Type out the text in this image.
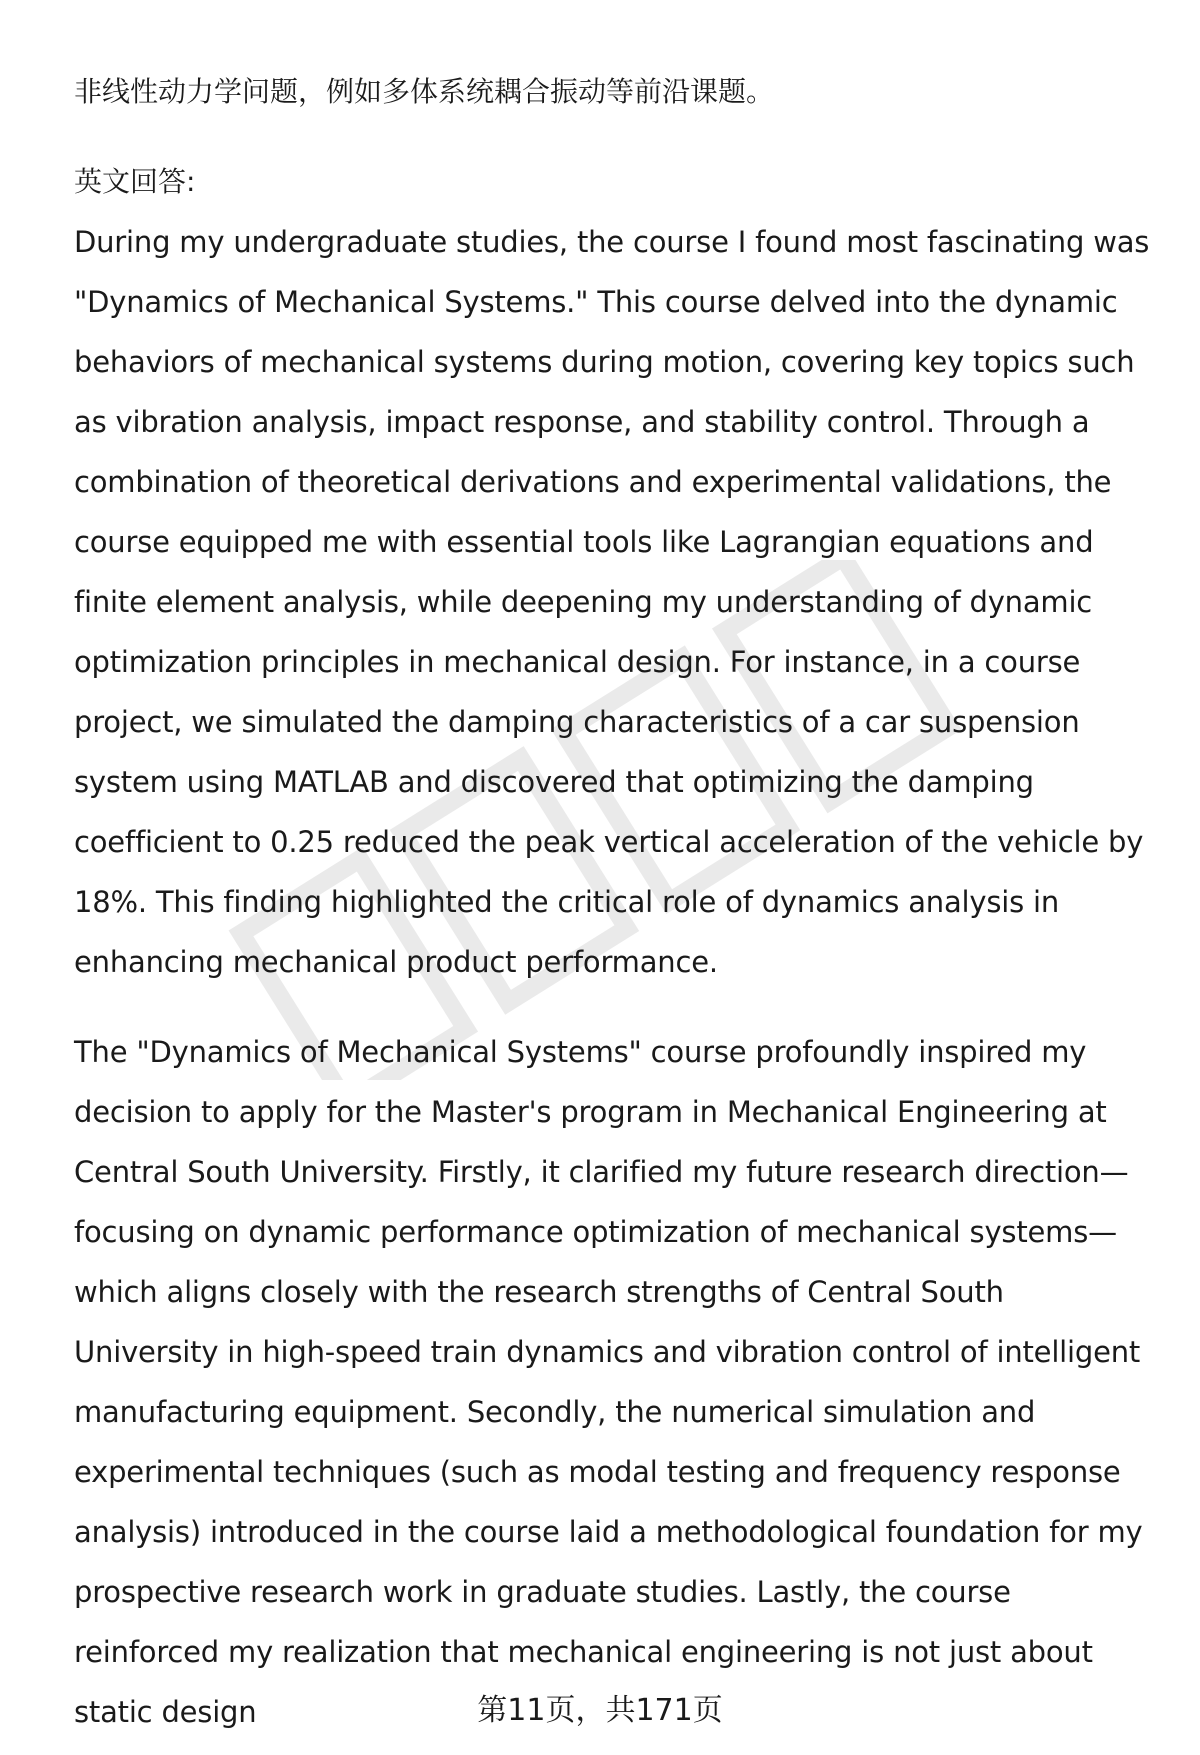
非线性动力学问题，例如多体系统耦合振动等前沿课题。

英文回答:

During my undergraduate studies, the course I found most fascinating was "Dynamics of Mechanical Systems." This course delved into the dynamic behaviors of mechanical systems during motion, covering key topics such as vibration analysis, impact response, and stability control. Through a combination of theoretical derivations and experimental validations, the course equipped me with essential tools like Lagrangian equations and finite element analysis, while deepening my understanding of dynamic optimization principles in mechanical design. For instance, in a course project, we simulated the damping characteristics of a car suspension system using MATLAB and discovered that optimizing the damping coefficient to 0.25 reduced the peak vertical acceleration of the vehicle by 18%. This finding highlighted the critical role of dynamics analysis in enhancing mechanical product performance.

The "Dynamics of Mechanical Systems" course profoundly inspired my decision to apply for the Master's program in Mechanical Engineering at Central South University. Firstly, it clarified my future research direction—focusing on dynamic performance optimization of mechanical systems—which aligns closely with the research strengths of Central South University in high-speed train dynamics and vibration control of intelligent manufacturing equipment. Secondly, the numerical simulation and experimental techniques (such as modal testing and frequency response analysis) introduced in the course laid a methodological foundation for my prospective research work in graduate studies. Lastly, the course reinforced my realization that mechanical engineering is not just about static design	第11页，共171页
